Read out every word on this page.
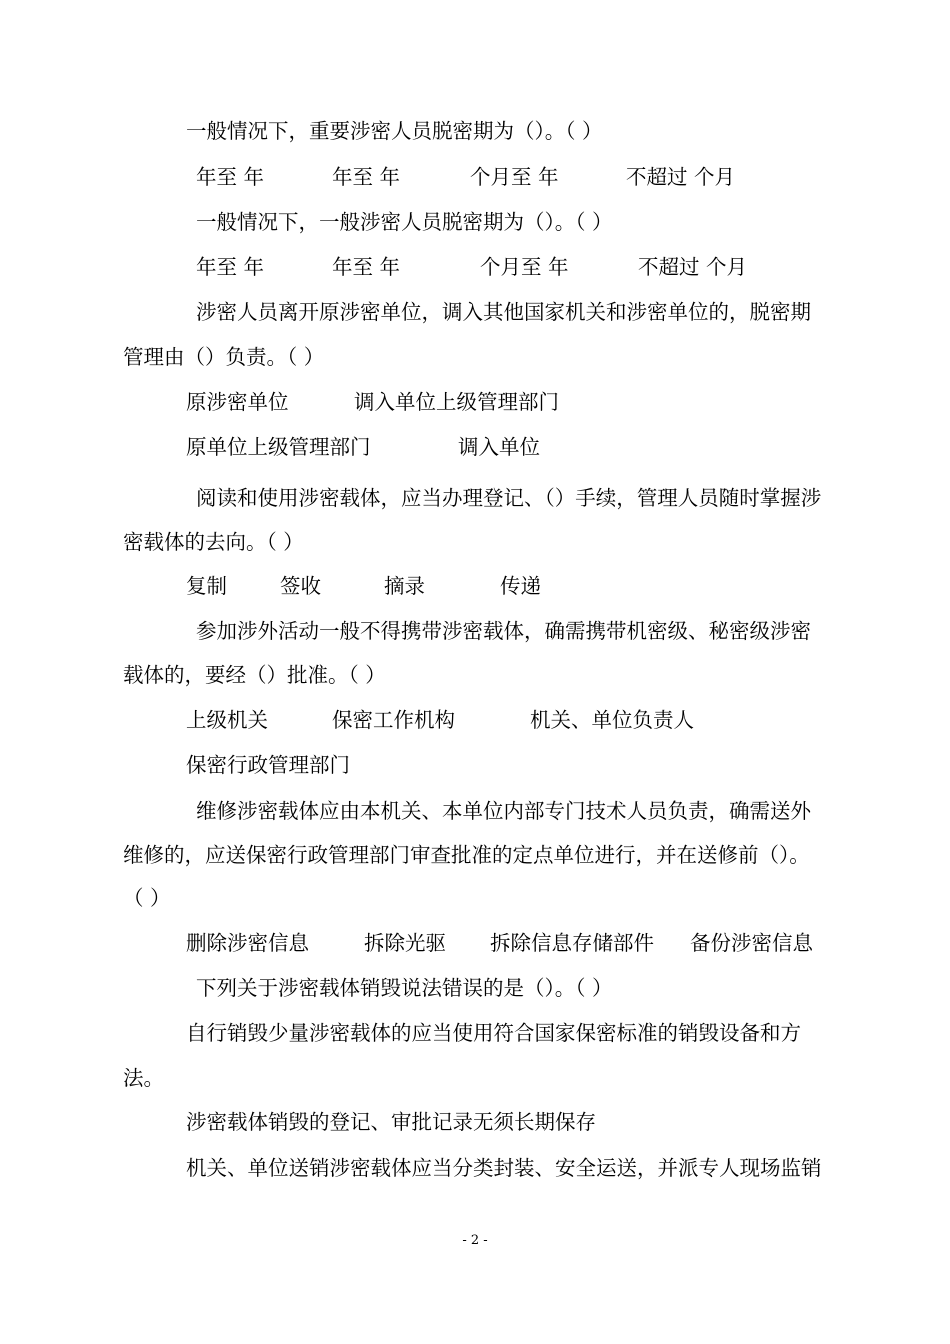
一般情况下，重要涉密人员脱密期为（）。（ ）
年至 年	年至 年	个月至 年	不超过 个月
一般情况下，一般涉密人员脱密期为（）。（ ）
年至 年	年至 年	个月至 年	不超过 个月
涉密人员离开原涉密单位，调入其他国家机关和涉密单位的，脱密期
管理由（）负责。（ ）
原涉密单位	调入单位上级管理部门
原单位上级管理部门	调入单位
阅读和使用涉密载体，应当办理登记、（）手续，管理人员随时掌握涉
密载体的去向。（ ）
复制	签收	摘录	传递
参加涉外活动一般不得携带涉密载体，确需携带机密级、秘密级涉密
载体的，要经（）批准。（ ）
上级机关	保密工作机构	机关、单位负责人
保密行政管理部门
维修涉密载体应由本机关、本单位内部专门技术人员负责，确需送外
维修的，应送保密行政管理部门审查批准的定点单位进行，并在送修前（）。
（ ）
删除涉密信息	拆除光驱 拆除信息存储部件 备份涉密信息
下列关于涉密载体销毁说法错误的是（）。（ ）
自行销毁少量涉密载体的应当使用符合国家保密标准的销毁设备和方
法。
涉密载体销毁的登记、审批记录无须长期保存
机关、单位送销涉密载体应当分类封装、安全运送，并派专人现场监销
- 2 -
